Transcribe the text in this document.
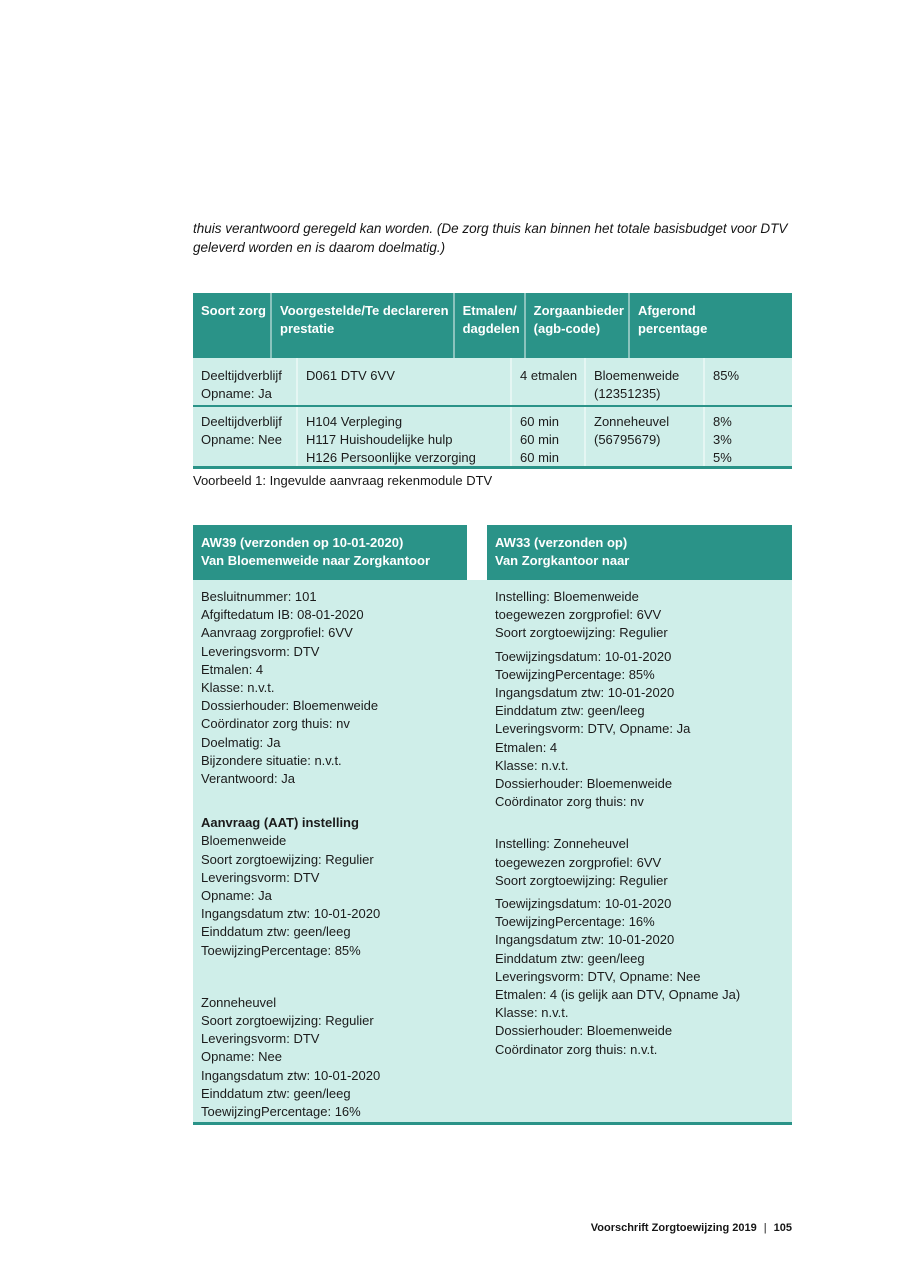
thuis verantwoord geregeld kan worden. (De zorg thuis kan binnen het totale basisbudget voor DTV
geleverd worden en is daarom doelmatig.)
Soort zorg Voorgestelde/Te declareren
prestatie
Etmalen/
dagdelen
Zorgaanbieder
(agb-code)
Afgerond
percentage
Deeltijdverblijf
Opname: Ja
D061 DTV 6VV	4 etmalen Bloemenweide
(12351235)
85%
Deeltijdverblijf
Opname: Nee
H104 Verpleging
H117 Huishoudelijke hulp
H126 Persoonlijke verzorging
60 min
60 min
60 min
Zonneheuvel
(56795679)
8%
3%
5%
Voorbeeld 1: Ingevulde aanvraag rekenmodule DTV
AW39 (verzonden op 10-01-2020)
Van Bloemenweide naar Zorgkantoor
AW33 (verzonden op)
Van Zorgkantoor naar
Besluitnummer: 101
Afgiftedatum IB: 08-01-2020
Aanvraag zorgprofiel: 6VV
Leveringsvorm: DTV
Etmalen: 4
Klasse: n.v.t.
Dossierhouder: Bloemenweide
Coördinator zorg thuis: nv
Doelmatig: Ja
Bijzondere situatie: n.v.t.
Verantwoord: Ja
Aanvraag (AAT) instelling
Bloemenweide
Soort zorgtoewijzing: Regulier
Leveringsvorm: DTV
Opname: Ja
Ingangsdatum ztw: 10-01-2020
Einddatum ztw: geen/leeg
ToewijzingPercentage: 85%
Zonneheuvel
Soort zorgtoewijzing: Regulier
Leveringsvorm: DTV
Opname: Nee
Ingangsdatum ztw: 10-01-2020
Einddatum ztw: geen/leeg
ToewijzingPercentage: 16%
Instelling: Bloemenweide
toegewezen zorgprofiel: 6VV
Soort zorgtoewijzing: Regulier
Toewijzingsdatum: 10-01-2020
ToewijzingPercentage: 85%
Ingangsdatum ztw: 10-01-2020
Einddatum ztw: geen/leeg
Leveringsvorm: DTV, Opname: Ja
Etmalen: 4
Klasse: n.v.t.
Dossierhouder: Bloemenweide
Coördinator zorg thuis: nv
Instelling: Zonneheuvel
toegewezen zorgprofiel: 6VV
Soort zorgtoewijzing: Regulier
Toewijzingsdatum: 10-01-2020
ToewijzingPercentage: 16%
Ingangsdatum ztw: 10-01-2020
Einddatum ztw: geen/leeg
Leveringsvorm: DTV, Opname: Nee
Etmalen: 4 (is gelijk aan DTV, Opname Ja)
Klasse: n.v.t.
Dossierhouder: Bloemenweide
Coördinator zorg thuis: n.v.t.
Voorschrift Zorgtoewijzing 2019 | 105
